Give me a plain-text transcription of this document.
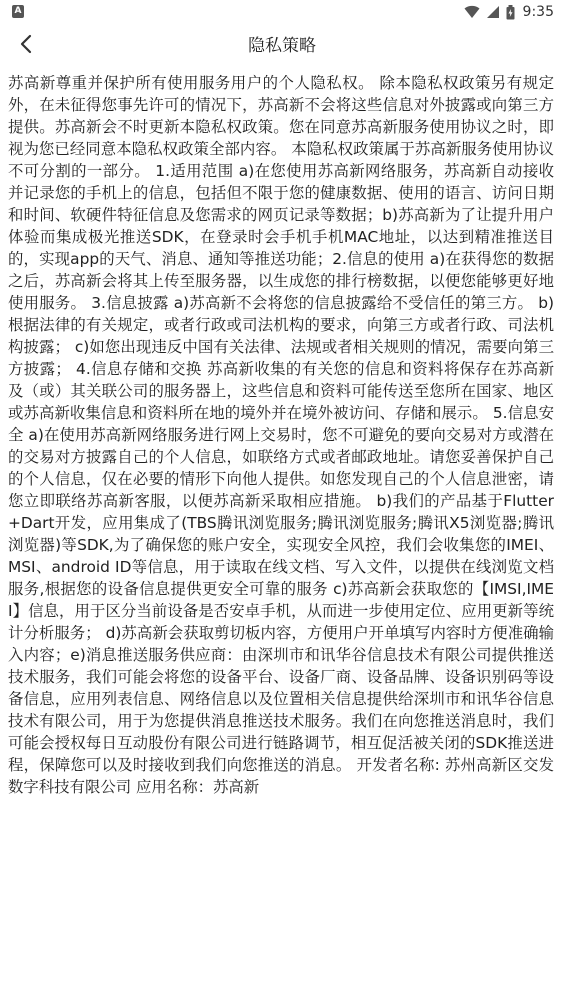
A	9:35
隐私策略
苏高新尊重并保护所有使用服务用户的个人隐私权。 除本隐私权政策另有规定外，在未征得您事先许可的情况下，苏高新不会将这些信息对外披露或向第三方提供。苏高新会不时更新本隐私权政策。您在同意苏高新服务使用协议之时，即视为您已经同意本隐私权政策全部内容。 本隐私权政策属于苏高新服务使用协议不可分割的一部分。 1.适用范围 a)在您使用苏高新网络服务，苏高新自动接收并记录您的手机上的信息，包括但不限于您的健康数据、使用的语言、访问日期和时间、软硬件特征信息及您需求的网页记录等数据；b)苏高新为了让提升用户体验而集成极光推送SDK，在登录时会手机手机MAC地址，以达到精准推送目的，实现app的天气、消息、通知等推送功能；2.信息的使用 a)在获得您的数据之后，苏高新会将其上传至服务器，以生成您的排行榜数据，以便您能够更好地使用服务。 3.信息披露 a)苏高新不会将您的信息披露给不受信任的第三方。 b)根据法律的有关规定，或者行政或司法机构的要求，向第三方或者行政、司法机构披露； c)如您出现违反中国有关法律、法规或者相关规则的情况，需要向第三方披露； 4.信息存储和交换 苏高新收集的有关您的信息和资料将保存在苏高新及（或）其关联公司的服务器上，这些信息和资料可能传送至您所在国家、地区或苏高新收集信息和资料所在地的境外并在境外被访问、存储和展示。 5.信息安全 a)在使用苏高新网络服务进行网上交易时，您不可避免的要向交易对方或潜在的交易对方披露自己的个人信息，如联络方式或者邮政地址。请您妥善保护自己的个人信息，仅在必要的情形下向他人提供。如您发现自己的个人信息泄密，请您立即联络苏高新客服，以便苏高新采取相应措施。 b)我们的产品基于Flutter+Dart开发，应用集成了(TBS腾讯浏览服务;腾讯浏览服务;腾讯X5浏览器;腾讯浏览器)等SDK,为了确保您的账户安全，实现安全风控，我们会收集您的IMEI、MSI、android ID等信息，用于读取在线文档、写入文件，以提供在线浏览文档服务,根据您的设备信息提供更安全可靠的服务 c)苏高新会获取您的【IMSI,IMEI】信息，用于区分当前设备是否安卓手机，从而进一步使用定位、应用更新等统计分析服务； d)苏高新会获取剪切板内容，方便用户开单填写内容时方便准确输入内容；e)消息推送服务供应商：由深圳市和讯华谷信息技术有限公司提供推送技术服务，我们可能会将您的设备平台、设备厂商、设备品牌、设备识别码等设备信息，应用列表信息、网络信息以及位置相关信息提供给深圳市和讯华谷信息技术有限公司，用于为您提供消息推送技术服务。我们在向您推送消息时，我们可能会授权每日互动股份有限公司进行链路调节，相互促活被关闭的SDK推送进程，保障您可以及时接收到我们向您推送的消息。 开发者名称: 苏州高新区交发数字科技有限公司 应用名称：苏高新
